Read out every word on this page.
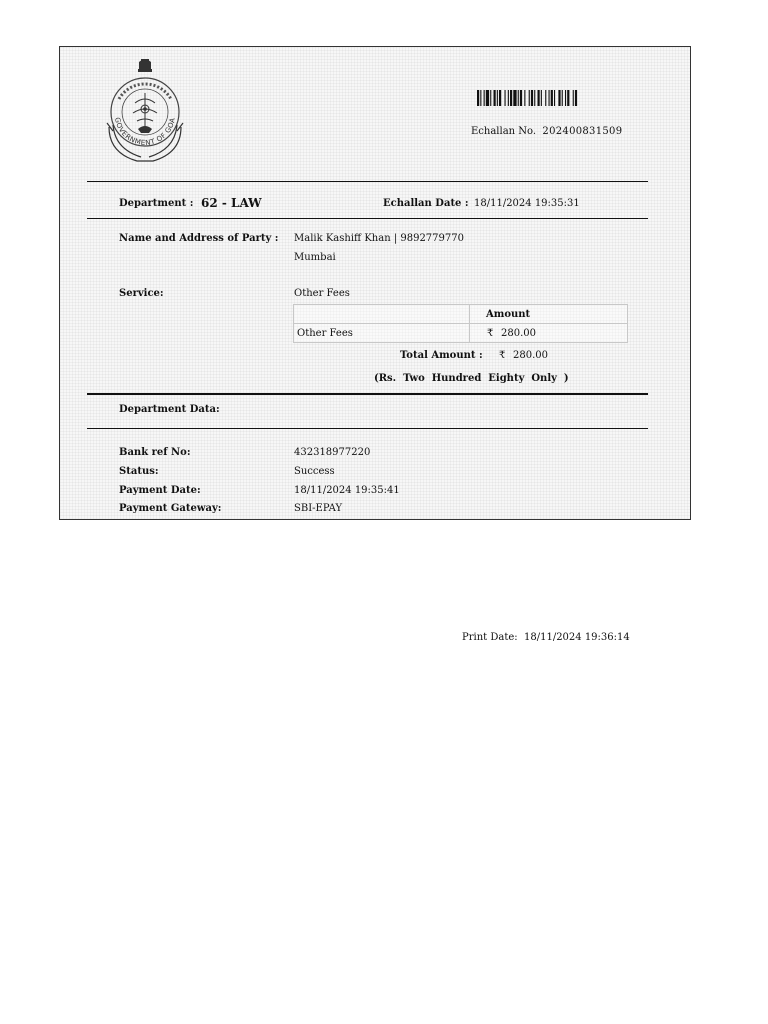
GOVERNMENT OF GOA
Echallan No. 202400831509
Department : 62 - LAW	Echallan Date : 18/11/2024 19:35:31
Name and Address of Party : Malik Kashiff Khan | 9892779770
Mumbai
Service:	Other Fees
	Amount
Other Fees	₹ 280.00
Total Amount : ₹ 280.00
(Rs.  Two  Hundred  Eighty  Only  )
Department Data:
Bank ref No:	432318977220
Status:	Success
Payment Date:	18/11/2024 19:35:41
Payment Gateway:	SBI-EPAY
Print Date: 18/11/2024 19:36:14
